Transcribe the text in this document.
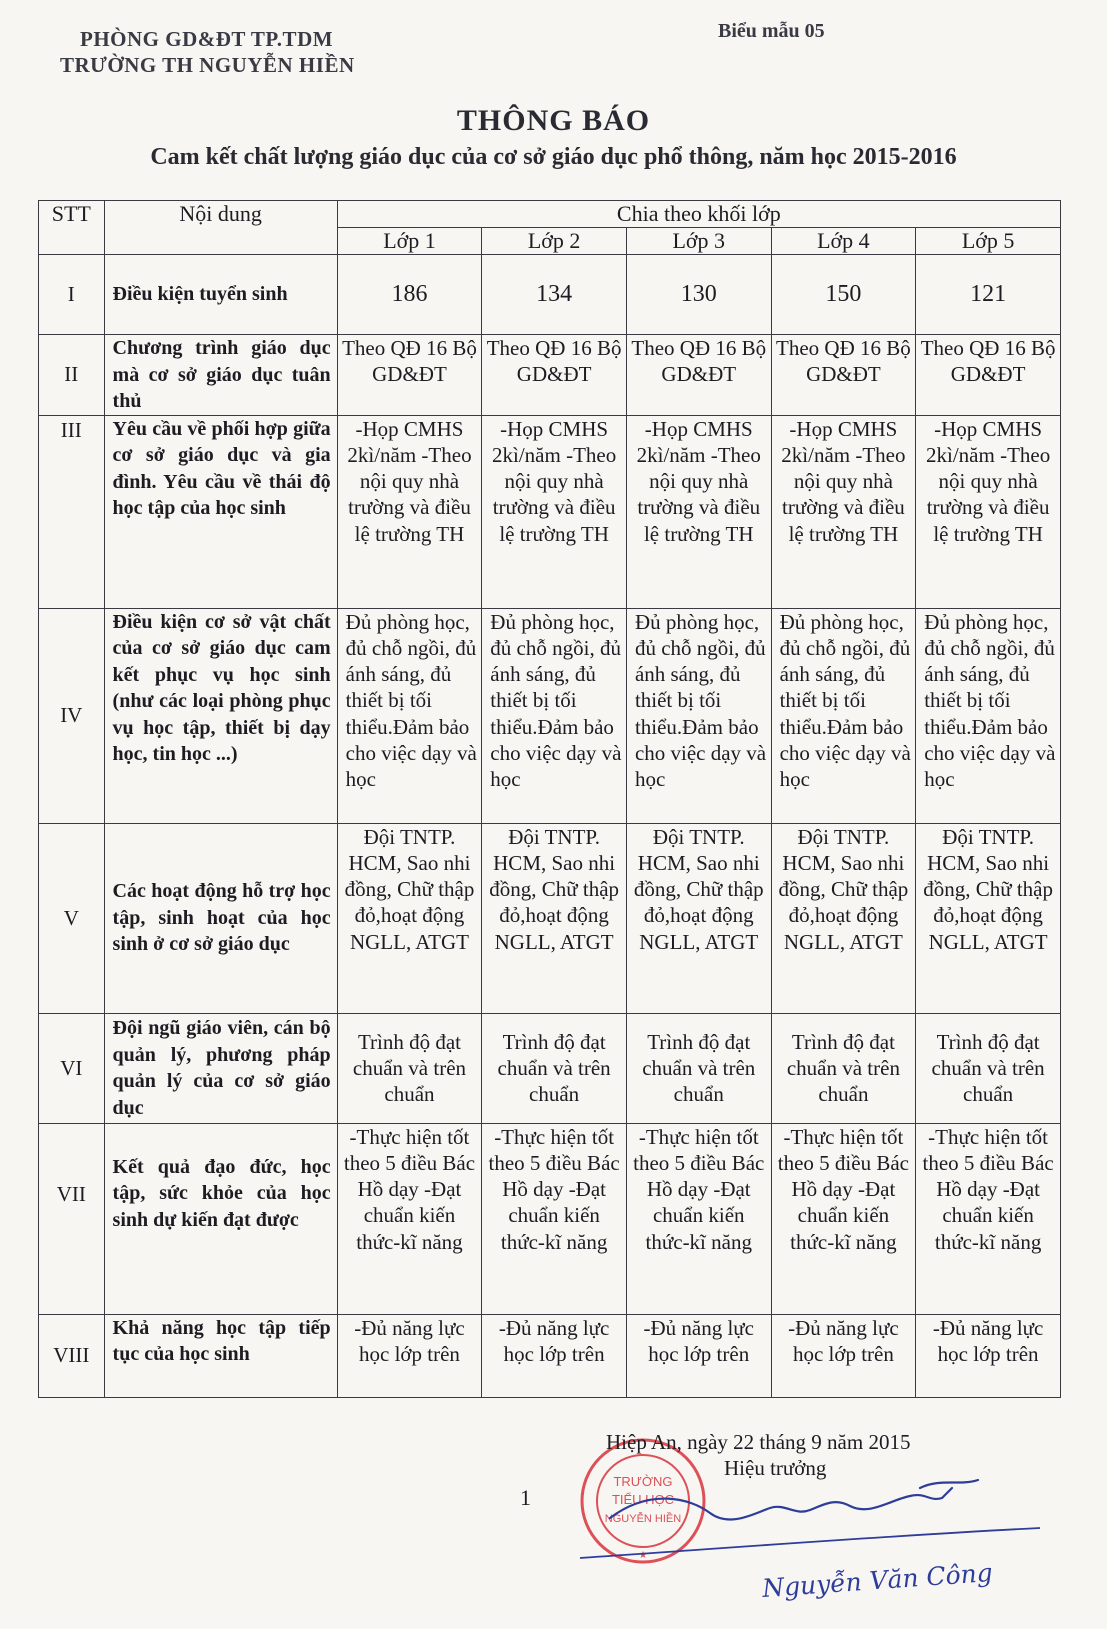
PHÒNG GD&ĐT TP.TDM
TRƯỜNG TH NGUYỄN HIỀN
Biểu mẫu 05
THÔNG BÁO
Cam kết chất lượng giáo dục của cơ sở giáo dục phổ thông, năm học 2015-2016
STT	Nội dung	Chia theo khối lớp				
		Lớp 1	Lớp 2	Lớp 3	Lớp 4	Lớp 5
I	Điều kiện tuyển sinh	186	134	130	150	121
II	Chương trình giáo dục mà cơ sở giáo dục tuân thủ	Theo QĐ 16 Bộ GD&ĐT	Theo QĐ 16 Bộ GD&ĐT	Theo QĐ 16 Bộ GD&ĐT	Theo QĐ 16 Bộ GD&ĐT	Theo QĐ 16 Bộ GD&ĐT
III	Yêu cầu về phối hợp giữa cơ sở giáo dục và gia đình. Yêu cầu về thái độ học tập của học sinh	-Họp CMHS 2kì/năm -Theo nội quy nhà trường và điều lệ trường TH	-Họp CMHS 2kì/năm -Theo nội quy nhà trường và điều lệ trường TH	-Họp CMHS 2kì/năm -Theo nội quy nhà trường và điều lệ trường TH	-Họp CMHS 2kì/năm -Theo nội quy nhà trường và điều lệ trường TH	-Họp CMHS 2kì/năm -Theo nội quy nhà trường và điều lệ trường TH
IV	Điều kiện cơ sở vật chất của cơ sở giáo dục cam kết phục vụ học sinh (như các loại phòng phục vụ học tập, thiết bị dạy học, tin học ...)	Đủ phòng học, đủ chỗ ngồi, đủ ánh sáng, đủ thiết bị tối thiểu.Đảm bảo cho việc dạy và học	Đủ phòng học, đủ chỗ ngồi, đủ ánh sáng, đủ thiết bị tối thiểu.Đảm bảo cho việc dạy và học	Đủ phòng học, đủ chỗ ngồi, đủ ánh sáng, đủ thiết bị tối thiểu.Đảm bảo cho việc dạy và học	Đủ phòng học, đủ chỗ ngồi, đủ ánh sáng, đủ thiết bị tối thiểu.Đảm bảo cho việc dạy và học	Đủ phòng học, đủ chỗ ngồi, đủ ánh sáng, đủ thiết bị tối thiểu.Đảm bảo cho việc dạy và học
V	Các hoạt động hỗ trợ học tập, sinh hoạt của học sinh ở cơ sở giáo dục	Đội TNTP. HCM, Sao nhi đồng, Chữ thập đỏ,hoạt động NGLL, ATGT	Đội TNTP. HCM, Sao nhi đồng, Chữ thập đỏ,hoạt động NGLL, ATGT	Đội TNTP. HCM, Sao nhi đồng, Chữ thập đỏ,hoạt động NGLL, ATGT	Đội TNTP. HCM, Sao nhi đồng, Chữ thập đỏ,hoạt động NGLL, ATGT	Đội TNTP. HCM, Sao nhi đồng, Chữ thập đỏ,hoạt động NGLL, ATGT
VI	Đội ngũ giáo viên, cán bộ quản lý, phương pháp quản lý của cơ sở giáo dục	Trình độ đạt chuẩn và trên chuẩn	Trình độ đạt chuẩn và trên chuẩn	Trình độ đạt chuẩn và trên chuẩn	Trình độ đạt chuẩn và trên chuẩn	Trình độ đạt chuẩn và trên chuẩn
VII	Kết quả đạo đức, học tập, sức khỏe của học sinh dự kiến đạt được	-Thực hiện tốt theo 5 điều Bác Hồ dạy -Đạt chuẩn kiến thức-kĩ năng	-Thực hiện tốt theo 5 điều Bác Hồ dạy -Đạt chuẩn kiến thức-kĩ năng	-Thực hiện tốt theo 5 điều Bác Hồ dạy -Đạt chuẩn kiến thức-kĩ năng	-Thực hiện tốt theo 5 điều Bác Hồ dạy -Đạt chuẩn kiến thức-kĩ năng	-Thực hiện tốt theo 5 điều Bác Hồ dạy -Đạt chuẩn kiến thức-kĩ năng
VIII	Khả năng học tập tiếp tục của học sinh	-Đủ năng lực học lớp trên	-Đủ năng lực học lớp trên	-Đủ năng lực học lớp trên	-Đủ năng lực học lớp trên	-Đủ năng lực học lớp trên
TRƯỜNG
TIỂU HỌC
NGUYỄN HIỀN
★
Hiệp An, ngày 22 tháng 9 năm 2015
Hiệu trưởng
1
Nguyễn Văn Công
